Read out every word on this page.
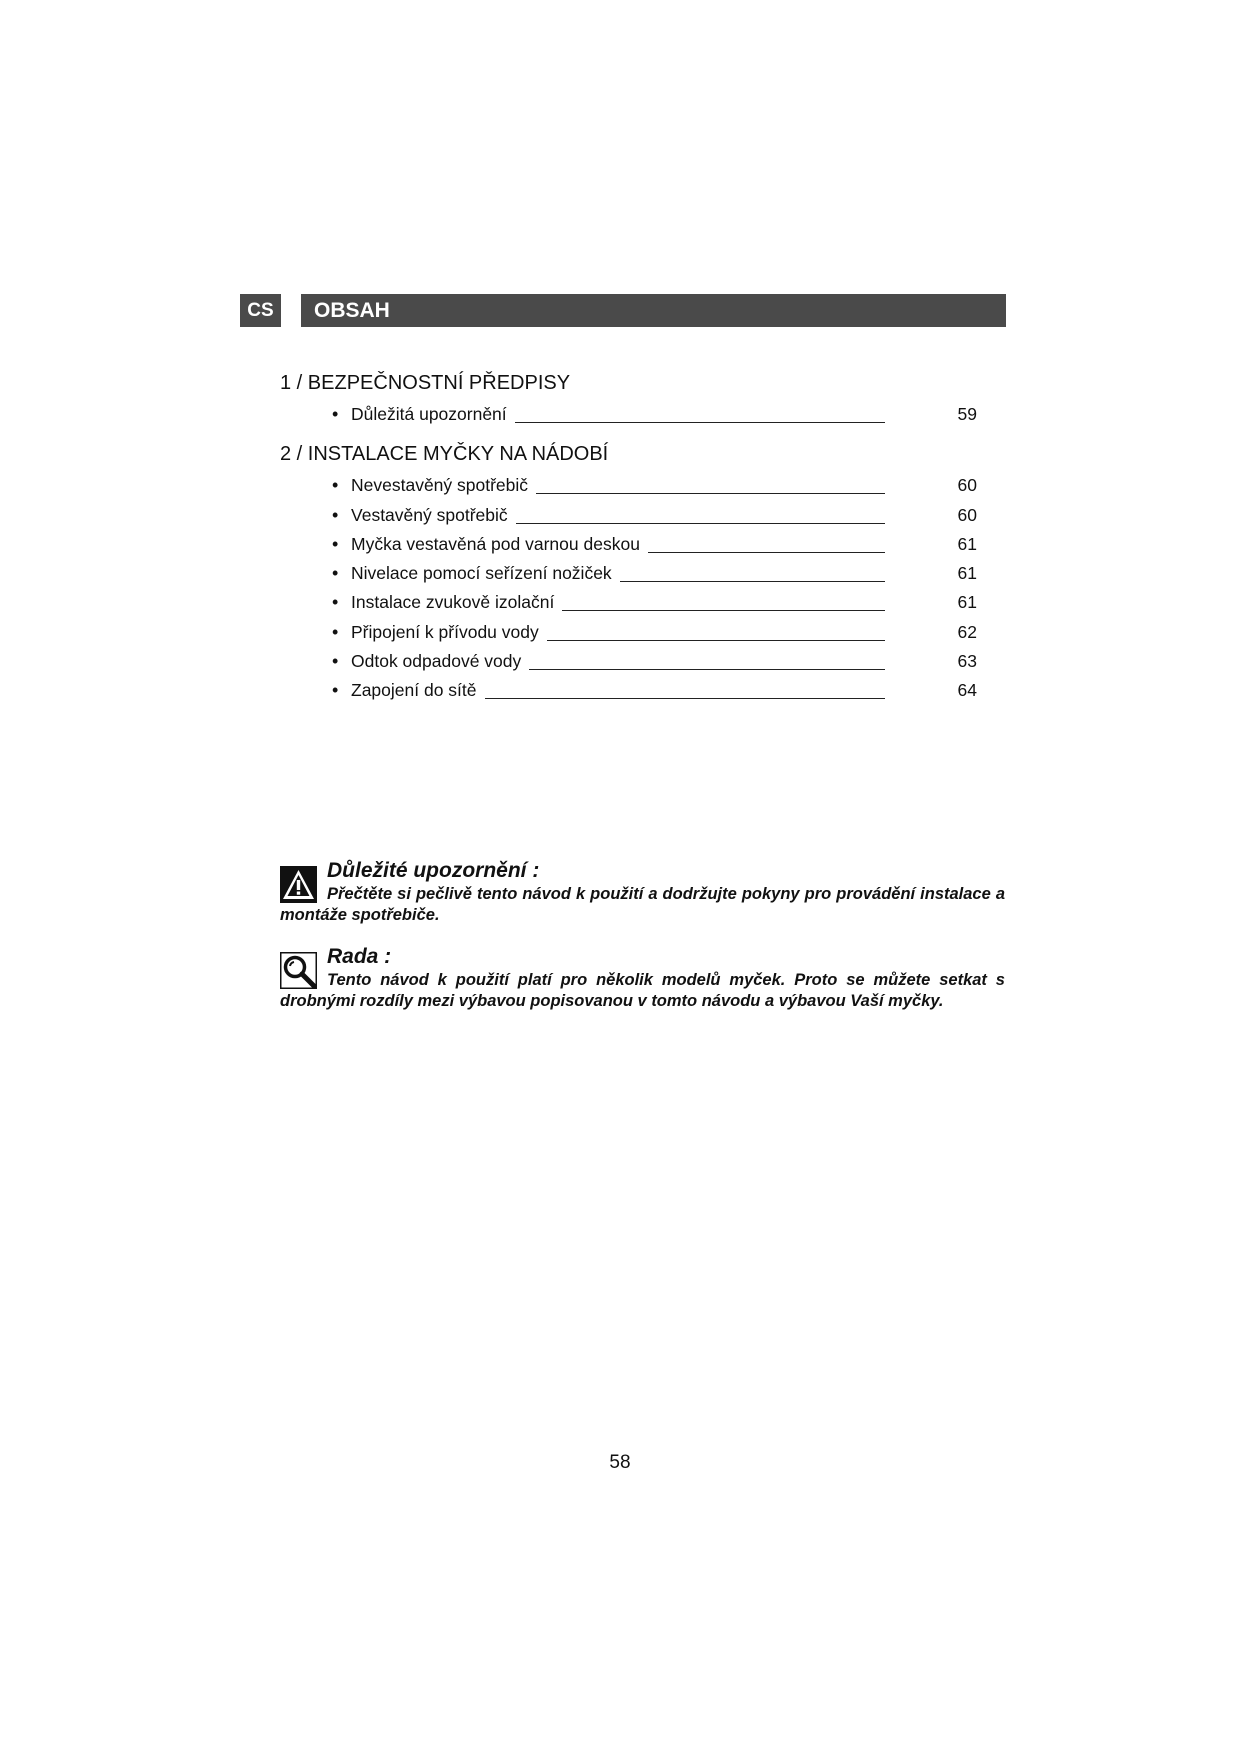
CS	OBSAH
1 / BEZPEČNOSTNÍ PŘEDPISY
• Důležitá upozornění	59
2 / INSTALACE MYČKY NA NÁDOBÍ
• Nevestavěný spotřebič	60
• Vestavěný spotřebič	60
• Myčka vestavěná pod varnou deskou	61
• Nivelace pomocí seřízení nožiček	61
• Instalace zvukově izolační	61
• Připojení k přívodu vody	62
• Odtok odpadové vody	63
• Zapojení do sítě	64
Důležité upozornění :

Přečtěte si pečlivě tento návod k použití a dodržujte pokyny pro provádění instalace a montáže spotřebiče.

Rada :

Tento návod k použití platí pro několik modelů myček. Proto se můžete setkat s drobnými rozdíly mezi výbavou popisovanou v tomto návodu a výbavou Vaší myčky.

58
